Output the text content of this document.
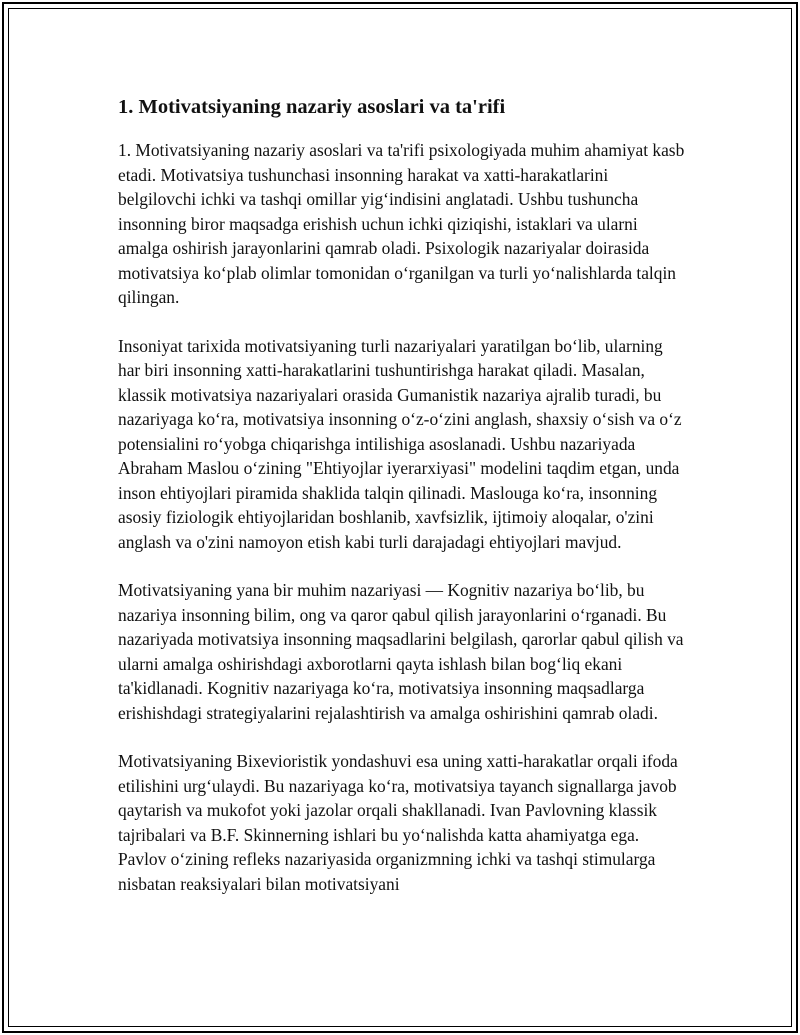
1. Motivatsiyaning nazariy asoslari va ta'rifi

1. Motivatsiyaning nazariy asoslari va ta'rifi psixologiyada muhim ahamiyat kasb etadi. Motivatsiya tushunchasi insonning harakat va xatti-harakatlarini belgilovchi ichki va tashqi omillar yig‘indisini anglatadi. Ushbu tushuncha insonning biror maqsadga erishish uchun ichki qiziqishi, istaklari va ularni amalga oshirish jarayonlarini qamrab oladi. Psixologik nazariyalar doirasida motivatsiya ko‘plab olimlar tomonidan o‘rganilgan va turli yo‘nalishlarda talqin qilingan.

Insoniyat tarixida motivatsiyaning turli nazariyalari yaratilgan bo‘lib, ularning har biri insonning xatti-harakatlarini tushuntirishga harakat qiladi. Masalan, klassik motivatsiya nazariyalari orasida Gumanistik nazariya ajralib turadi, bu nazariyaga ko‘ra, motivatsiya insonning o‘z-o‘zini anglash, shaxsiy o‘sish va o‘z potensialini ro‘yobga chiqarishga intilishiga asoslanadi. Ushbu nazariyada Abraham Maslou o‘zining "Ehtiyojlar iyerarxiyasi" modelini taqdim etgan, unda inson ehtiyojlari piramida shaklida talqin qilinadi. Maslouga ko‘ra, insonning asosiy fiziologik ehtiyojlaridan boshlanib, xavfsizlik, ijtimoiy aloqalar, o'zini anglash va o'zini namoyon etish kabi turli darajadagi ehtiyojlari mavjud.

Motivatsiyaning yana bir muhim nazariyasi — Kognitiv nazariya bo‘lib, bu nazariya insonning bilim, ong va qaror qabul qilish jarayonlarini o‘rganadi. Bu nazariyada motivatsiya insonning maqsadlarini belgilash, qarorlar qabul qilish va ularni amalga oshirishdagi axborotlarni qayta ishlash bilan bog‘liq ekani ta'kidlanadi. Kognitiv nazariyaga ko‘ra, motivatsiya insonning maqsadlarga erishishdagi strategiyalarini rejalashtirish va amalga oshirishini qamrab oladi.

Motivatsiyaning Bixevioristik yondashuvi esa uning xatti-harakatlar orqali ifoda etilishini urg‘ulaydi. Bu nazariyaga ko‘ra, motivatsiya tayanch signallarga javob qaytarish va mukofot yoki jazolar orqali shakllanadi. Ivan Pavlovning klassik tajribalari va B.F. Skinnerning ishlari bu yo‘nalishda katta ahamiyatga ega. Pavlov o‘zining refleks nazariyasida organizmning ichki va tashqi stimularga nisbatan reaksiyalari bilan motivatsiyani
